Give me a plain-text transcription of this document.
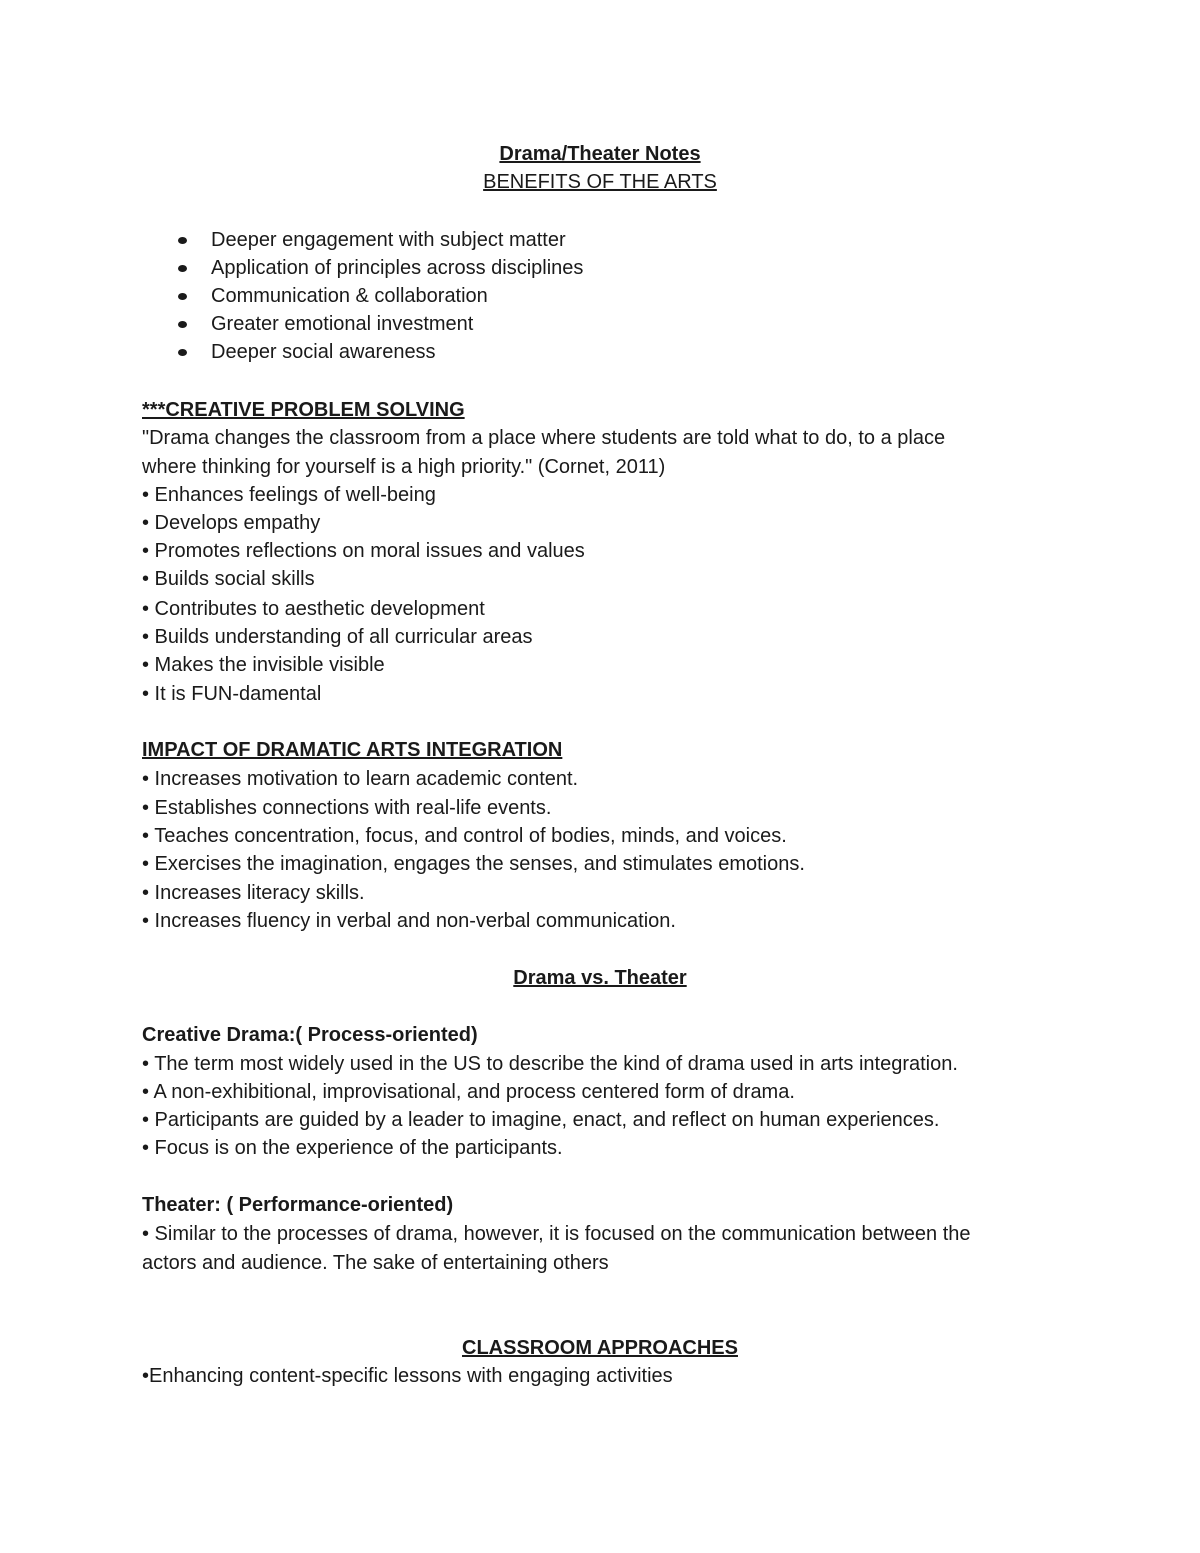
Drama/Theater Notes
BENEFITS OF THE ARTS
Deeper engagement with subject matter
Application of principles across disciplines
Communication & collaboration
Greater emotional investment
Deeper social awareness
***CREATIVE PROBLEM SOLVING
"Drama changes the classroom from a place where students are told what to do, to a place
where thinking for yourself is a high priority." (Cornet, 2011)
• Enhances feelings of well-being
• Develops empathy
• Promotes reflections on moral issues and values
• Builds social skills
• Contributes to aesthetic development
• Builds understanding of all curricular areas
• Makes the invisible visible
• It is FUN-damental
IMPACT OF DRAMATIC ARTS INTEGRATION
• Increases motivation to learn academic content.
• Establishes connections with real-life events.
• Teaches concentration, focus, and control of bodies, minds, and voices.
• Exercises the imagination, engages the senses, and stimulates emotions.
• Increases literacy skills.
• Increases fluency in verbal and non-verbal communication.
Drama vs. Theater
Creative Drama:( Process-oriented)
• The term most widely used in the US to describe the kind of drama used in arts integration.
• A non-exhibitional, improvisational, and process centered form of drama.
• Participants are guided by a leader to imagine, enact, and reflect on human experiences.
• Focus is on the experience of the participants.
Theater: ( Performance-oriented)
• Similar to the processes of drama, however, it is focused on the communication between the
actors and audience. The sake of entertaining others
CLASSROOM APPROACHES
•Enhancing content-specific lessons with engaging activities
